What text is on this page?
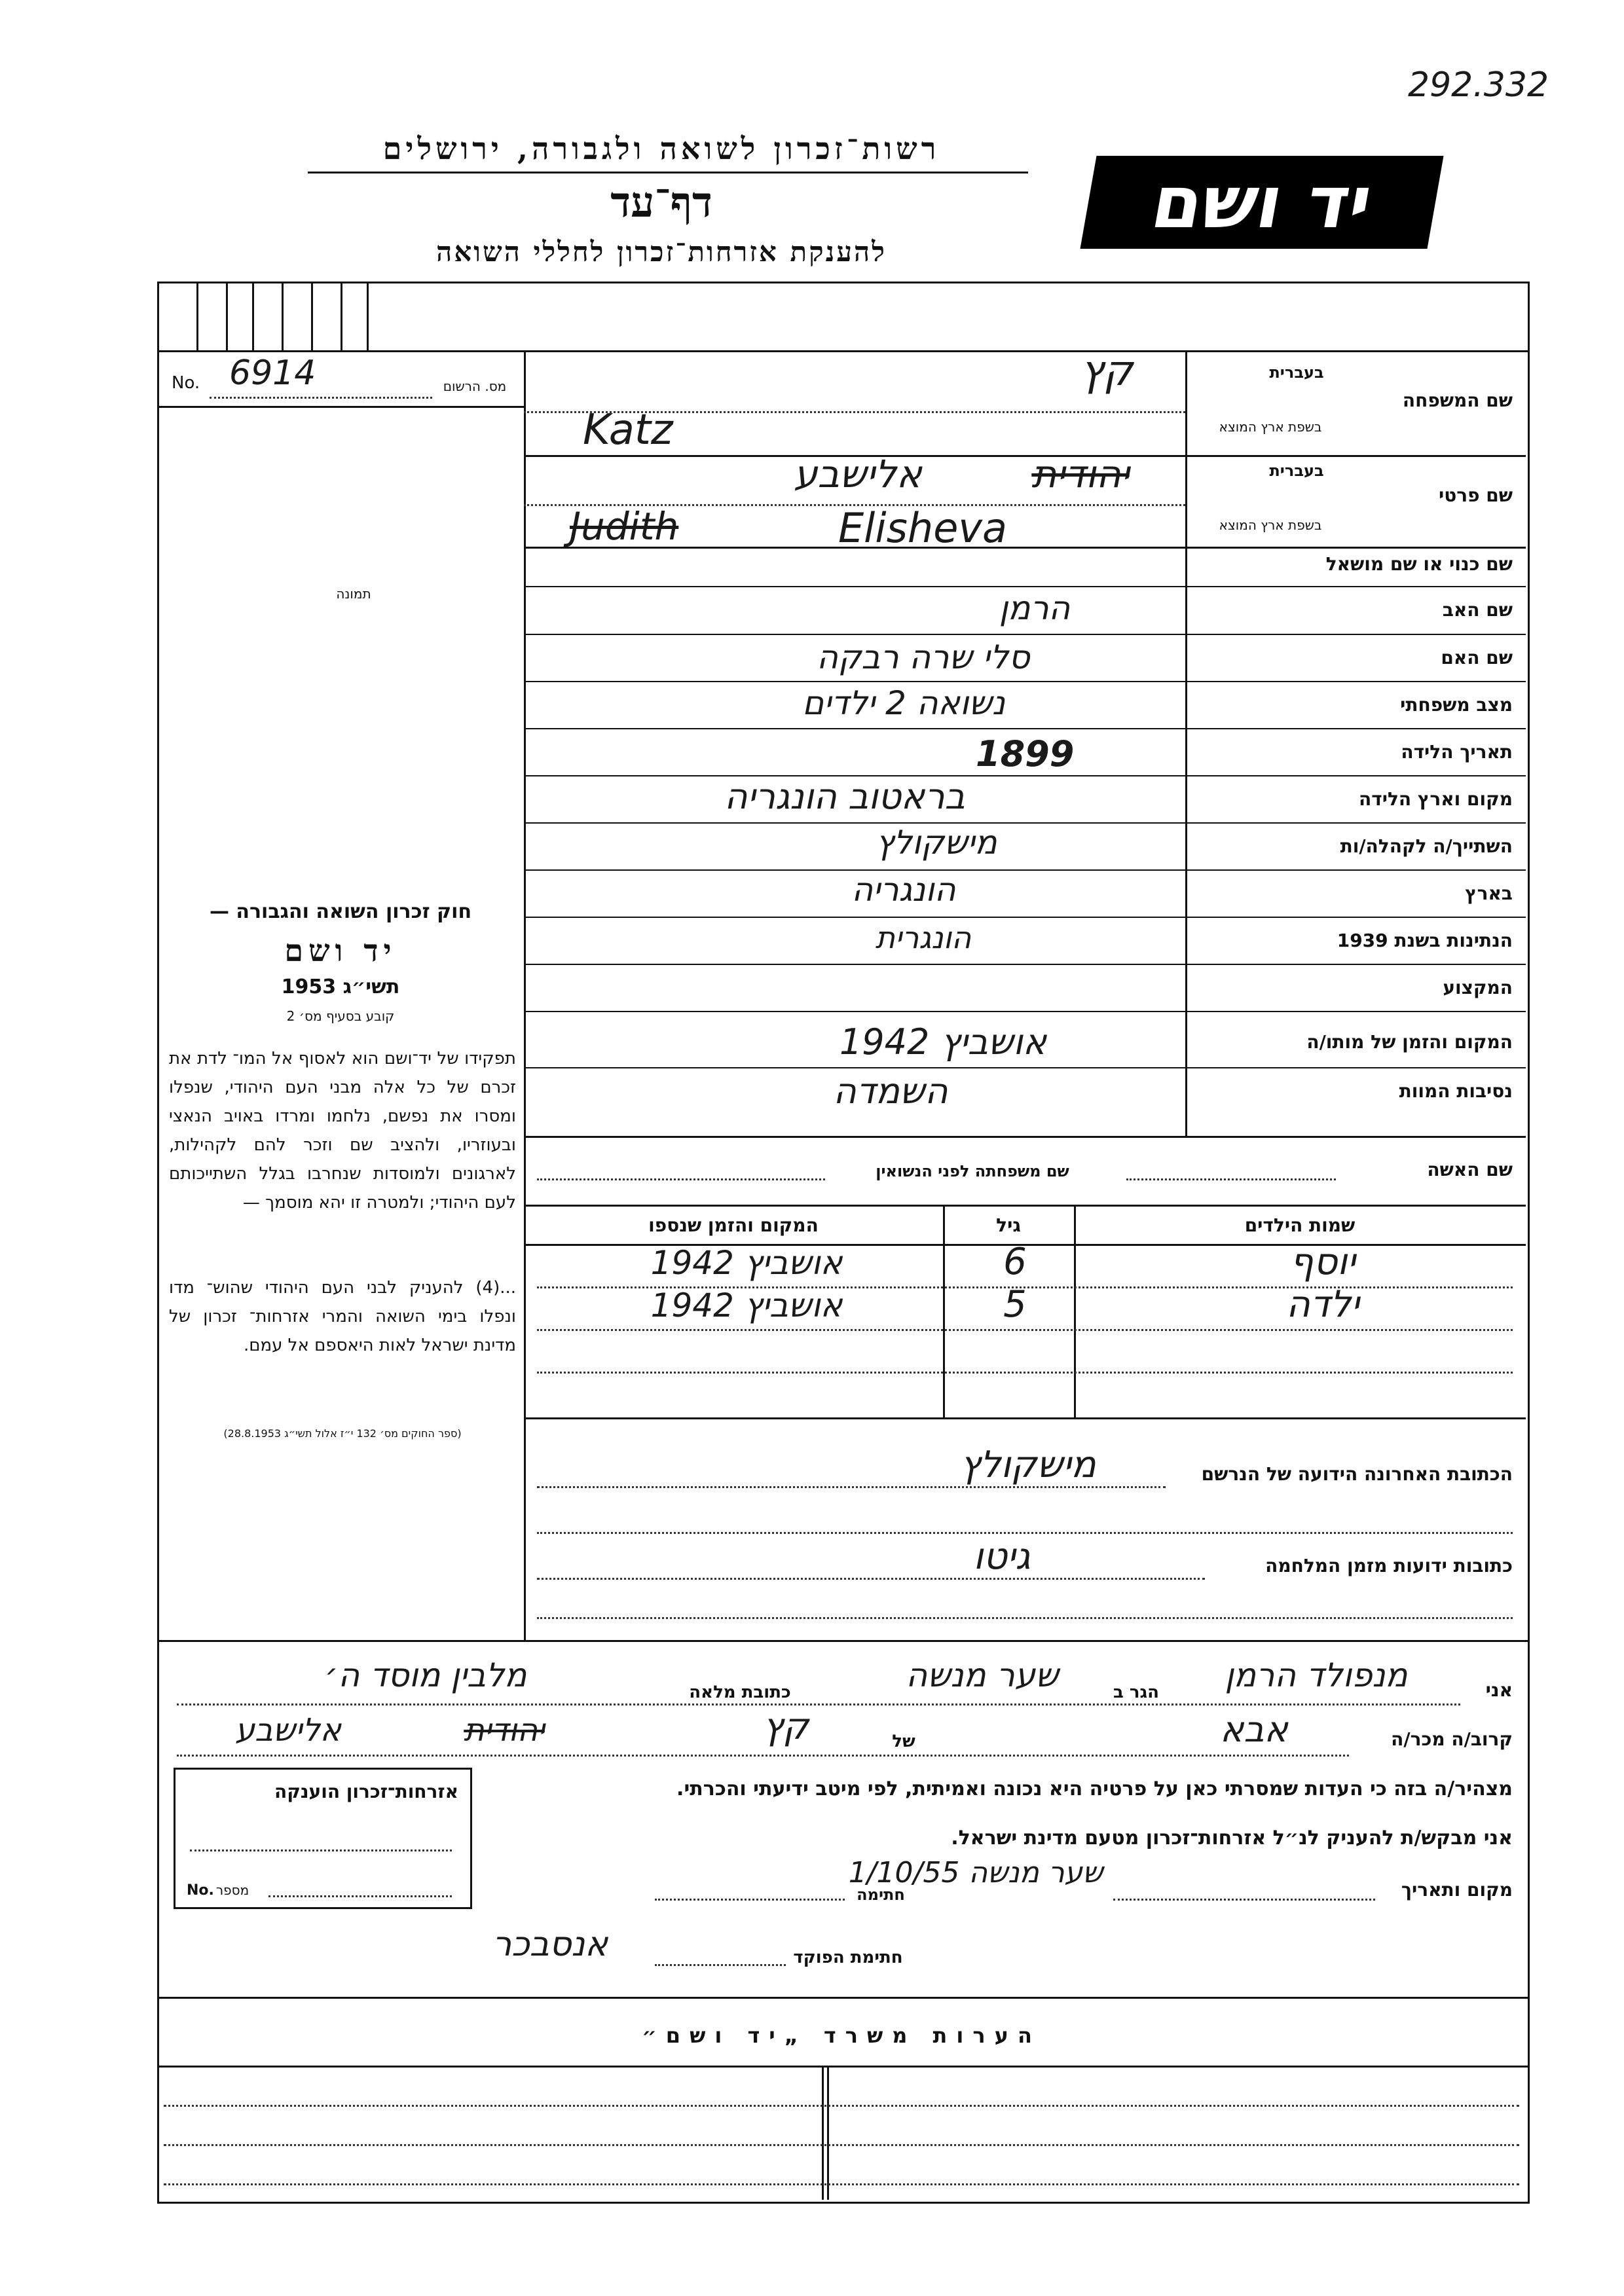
292.332
רשות־זכרון לשואה ולגבורה, ירושלים
דף־עד
להענקת אזרחות־זכרון לחללי השואה
יד ושם
No. 6914	מס. הרשום
תמונה
חוק זכרון השואה והגבורה —
יד ושם
תשי״ג 1953
קובע בסעיף מס׳ 2
תפקידו של יד־ושם הוא לאסוף אל המו־ לדת את זכרם של כל אלה מבני העם היהודי, שנפלו ומסרו את נפשם, נלחמו ומרדו באויב הנאצי ובעוזריו, ולהציב שם וזכר להם לקהילות, לארגונים ולמוסדות שנחרבו בגלל השתייכותם לעם היהודי; ולמטרה זו יהא מוסמך —
...(4) להעניק לבני העם היהודי שהוש־ מדו ונפלו בימי השואה והמרי אזרחות־ זכרון של מדינת ישראל לאות היאספם אל עמם.
(ספר החוקים מס׳ 132 י״ז אלול תשי״ג 28.8.1953)
שם המשפחה
בעברית
בשפת ארץ המוצא
קץ
Katz
שם פרטי
בעברית
בשפת ארץ המוצא
יהודית
אלישבע
Judith	Elisheva
שם כנוי או שם מושאל
שם האב
הרמן
שם האם
סלי שרה רבקה
מצב משפחתי
נשואה 2 ילדים
תאריך הלידה
1899
מקום וארץ הלידה
בראטוב הונגריה
השתייך/ה לקהלה/ות
מישקולץ
בארץ
הונגריה
הנתינות בשנת 1939
הונגרית
המקצוע
המקום והזמן של מותו/ה
אושביץ 1942
נסיבות המוות
השמדה
שם האשה
שם משפחתה לפני הנשואין
שמות הילדים
גיל
המקום והזמן שנספו
יוסף
6
אושביץ 1942
ילדה
5
אושביץ 1942
הכתובת האחרונה הידועה של הנרשם
מישקולץ
כתובות ידועות מזמן המלחמה
גיטו
אני
מנפולד הרמן
הגר ב
שער מנשה
כתובת מלאה
מלבין מוסד ה׳
קרוב/ה מכר/ה
אבא
של
קץ
יהודית
אלישבע
מצהיר/ה בזה כי העדות שמסרתי כאן על פרטיה היא נכונה ואמיתית, לפי מיטב ידיעתי והכרתי.
אני מבקש/ת להעניק לנ״ל אזרחות־זכרון מטעם מדינת ישראל.
מקום ותאריך
שער מנשה 1/10/55
חתימה
חתימת הפוקד
אנסבכר
אזרחות־זכרון הוענקה
No. מספר
הערות משרד „יד ושם״
